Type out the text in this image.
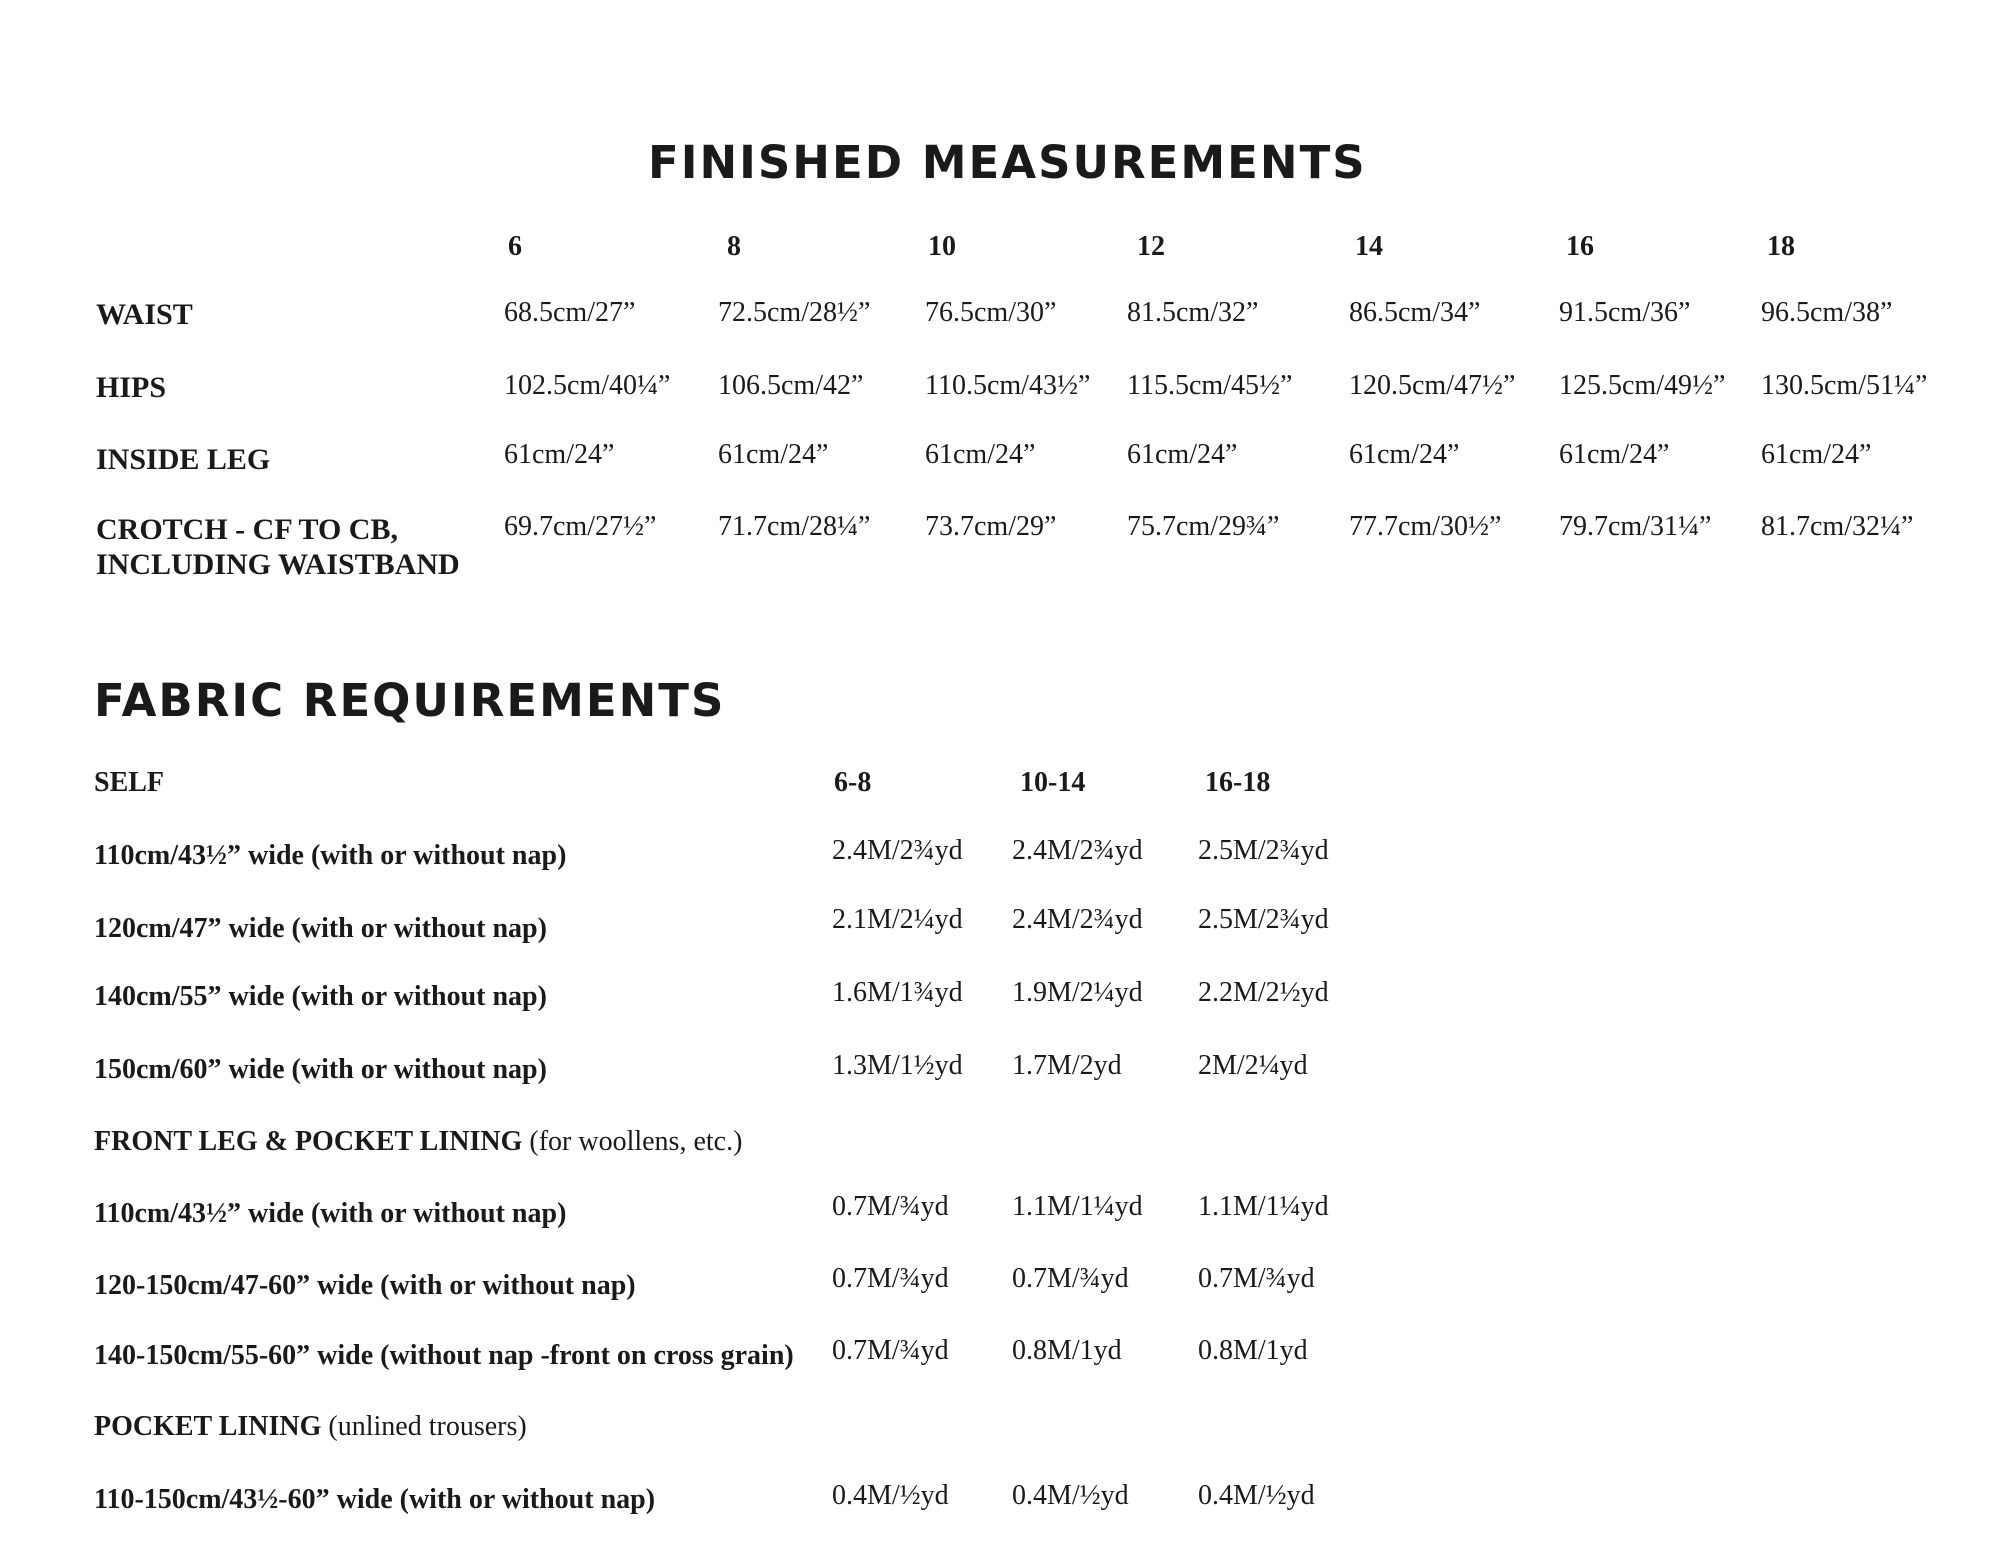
FINISHED MEASUREMENTS
6	8	10	12	14	16	18
WAIST	68.5cm/27”	72.5cm/28½” 76.5cm/30”	81.5cm/32”	86.5cm/34”	91.5cm/36”	96.5cm/38”
HIPS	102.5cm/40¼” 106.5cm/42” 110.5cm/43½” 115.5cm/45½” 120.5cm/47½” 125.5cm/49½” 130.5cm/51¼”
INSIDE LEG	61cm/24”	61cm/24”	61cm/24”	61cm/24”	61cm/24”	61cm/24”	61cm/24”
CROTCH - CF TO CB,
INCLUDING WAISTBAND
69.7cm/27½” 71.7cm/28¼” 73.7cm/29”	75.7cm/29¾” 77.7cm/30½” 79.7cm/31¼” 81.7cm/32¼”
FABRIC REQUIREMENTS
SELF	6-8	10-14	16-18
110cm/43½” wide (with or without nap)	2.4M/2¾yd 2.4M/2¾yd 2.5M/2¾yd
120cm/47” wide (with or without nap)	2.1M/2¼yd 2.4M/2¾yd 2.5M/2¾yd
140cm/55” wide (with or without nap)	1.6M/1¾yd 1.9M/2¼yd 2.2M/2½yd
150cm/60” wide (with or without nap)	1.3M/1½yd 1.7M/2yd	2M/2¼yd
FRONT LEG & POCKET LINING (for woollens, etc.)
110cm/43½” wide (with or without nap)	0.7M/¾yd 1.1M/1¼yd 1.1M/1¼yd
120-150cm/47-60” wide (with or without nap)	0.7M/¾yd 0.7M/¾yd 0.7M/¾yd
140-150cm/55-60” wide (without nap -front on cross grain) 0.7M/¾yd 0.8M/1yd	0.8M/1yd
POCKET LINING (unlined trousers)
110-150cm/43½-60” wide (with or without nap)	0.4M/½yd 0.4M/½yd 0.4M/½yd
